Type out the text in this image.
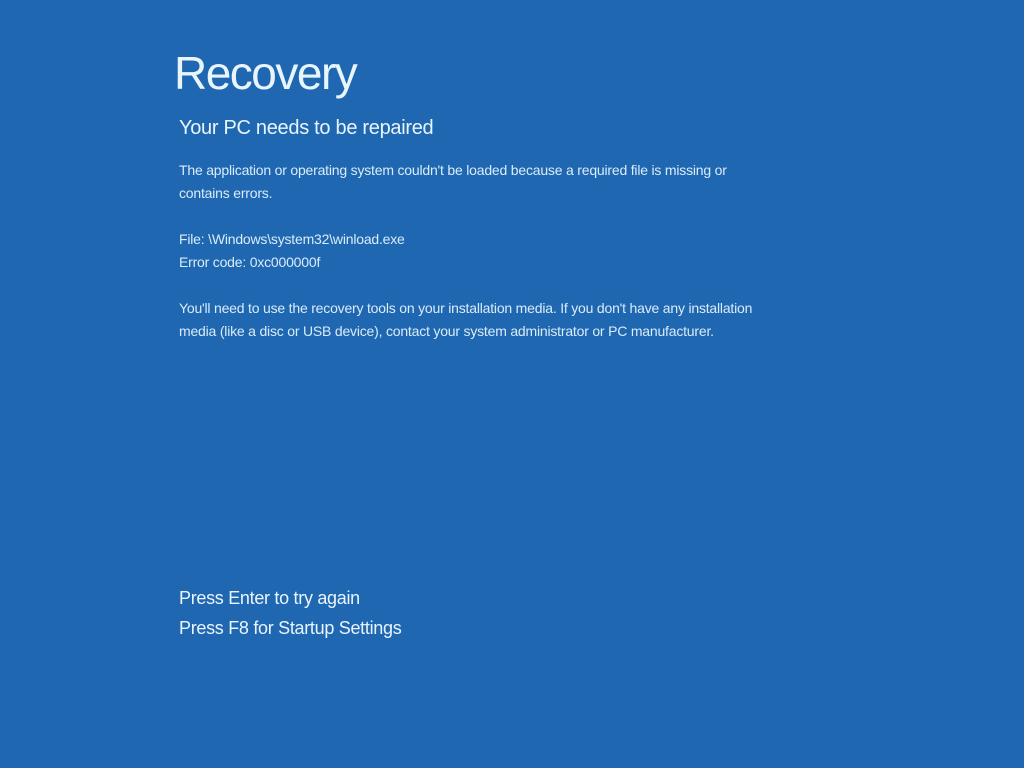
Recovery
Your PC needs to be repaired
The application or operating system couldn't be loaded because a required file is missing or
contains errors.
File: \Windows\system32\winload.exe
Error code: 0xc000000f
You'll need to use the recovery tools on your installation media. If you don't have any installation
media (like a disc or USB device), contact your system administrator or PC manufacturer.
Press Enter to try again
Press F8 for Startup Settings
